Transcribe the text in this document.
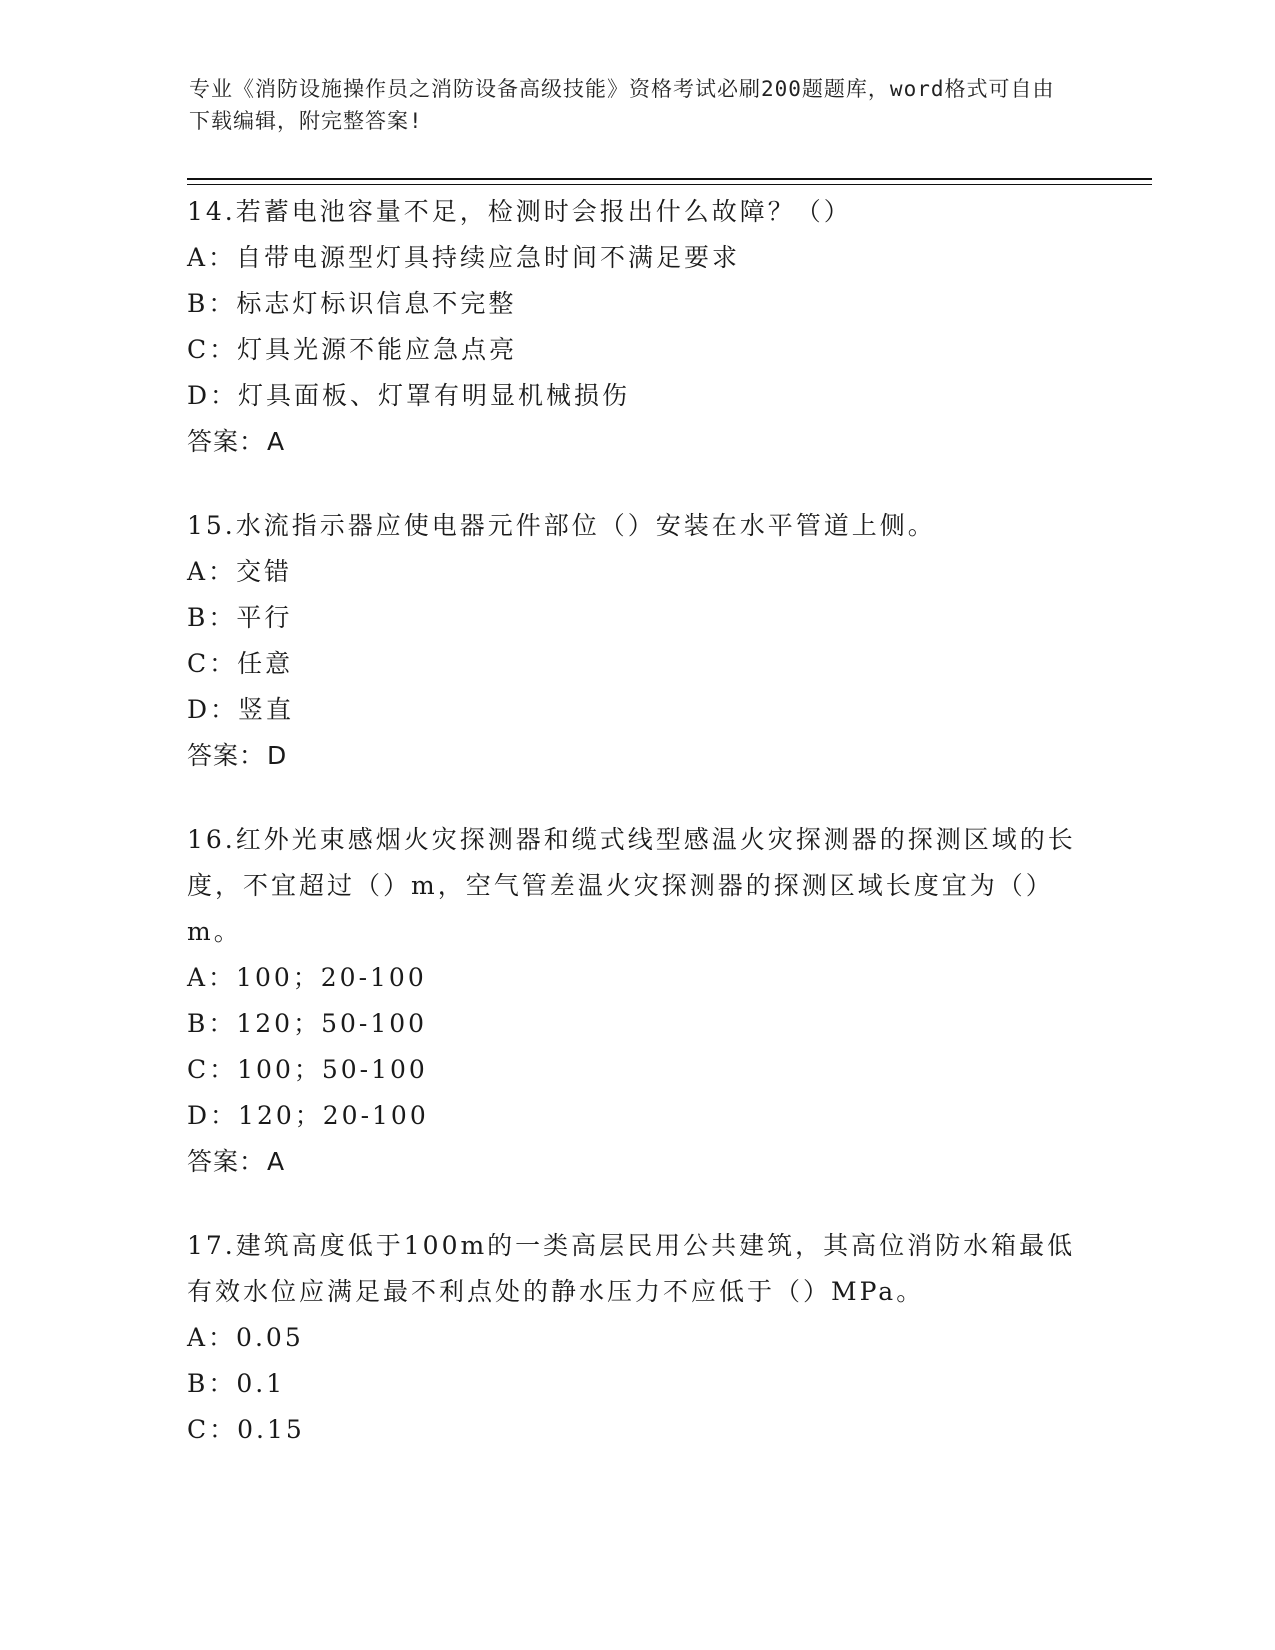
专业《消防设施操作员之消防设备高级技能》资格考试必刷200题题库，word格式可自由下载编辑，附完整答案!
14.若蓄电池容量不足，检测时会报出什么故障？（）
A：自带电源型灯具持续应急时间不满足要求
B：标志灯标识信息不完整
C：灯具光源不能应急点亮
D：灯具面板、灯罩有明显机械损伤
答案：A
15.水流指示器应使电器元件部位（）安装在水平管道上侧。
A：交错
B：平行
C：任意
D：竖直
答案：D
16.红外光束感烟火灾探测器和缆式线型感温火灾探测器的探测区域的长度，不宜超过（）m，空气管差温火灾探测器的探测区域长度宜为（）m。
A：100；20-100
B：120；50-100
C：100；50-100
D：120；20-100
答案：A
17.建筑高度低于100m的一类高层民用公共建筑，其高位消防水箱最低有效水位应满足最不利点处的静水压力不应低于（）MPa。
A：0.05
B：0.1
C：0.15
